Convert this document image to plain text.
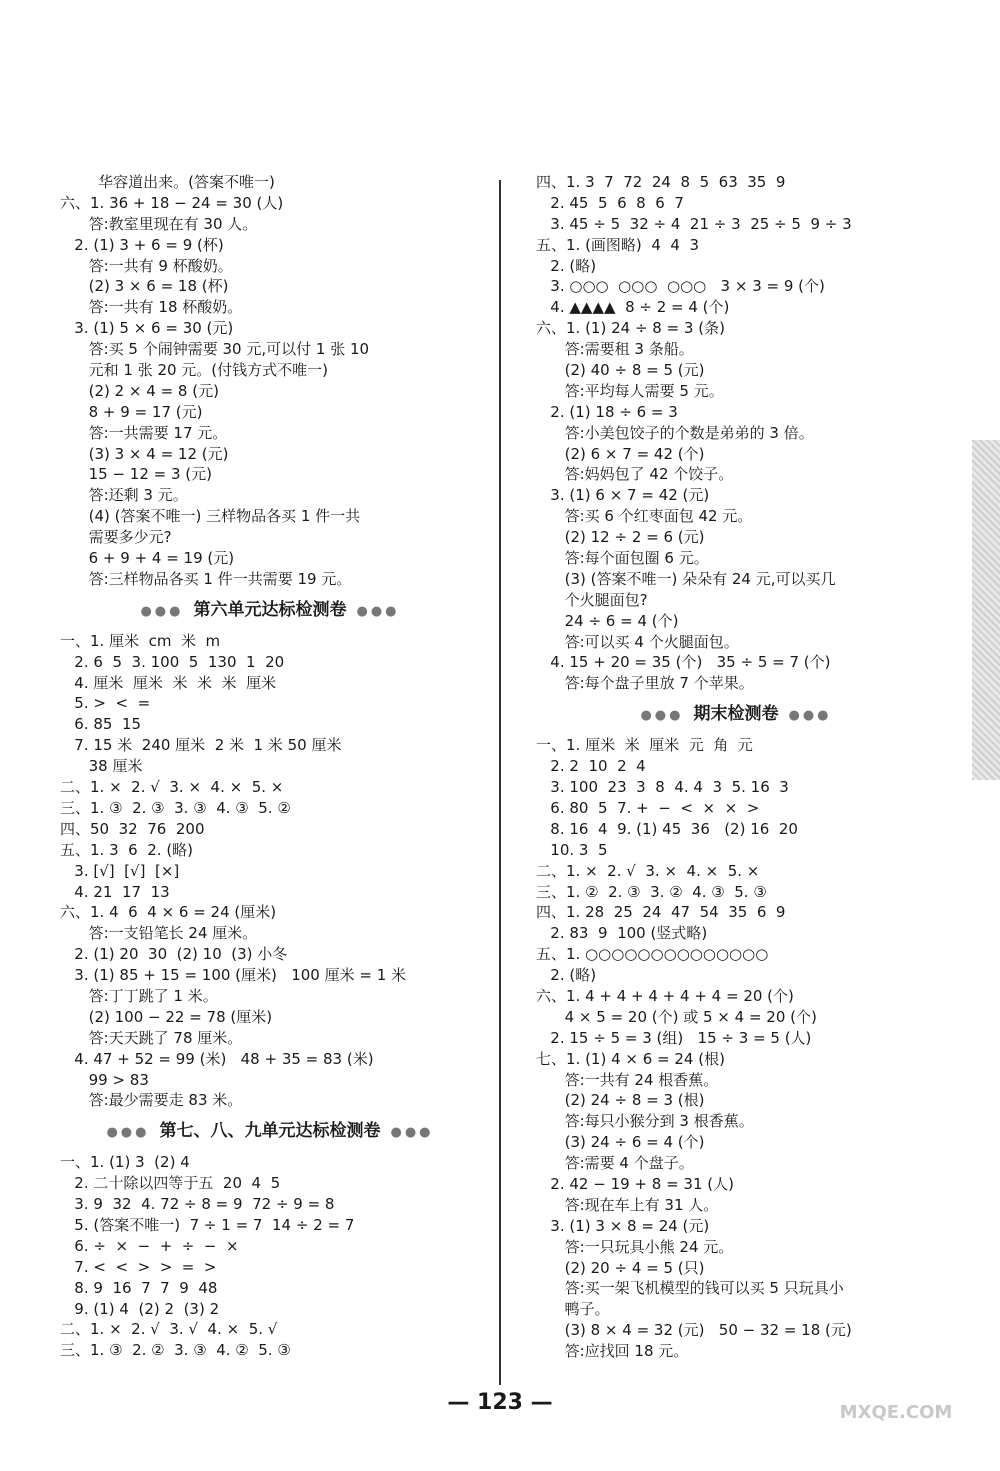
华容道出来。(答案不唯一)
六、1. 36 + 18 − 24 = 30 (人)
答:教室里现在有 30 人。
2. (1) 3 + 6 = 9 (杯)
答:一共有 9 杯酸奶。
(2) 3 × 6 = 18 (杯)
答:一共有 18 杯酸奶。
3. (1) 5 × 6 = 30 (元)
答:买 5 个闹钟需要 30 元,可以付 1 张 10
元和 1 张 20 元。(付钱方式不唯一)
(2) 2 × 4 = 8 (元)
8 + 9 = 17 (元)
答:一共需要 17 元。
(3) 3 × 4 = 12 (元)
15 − 12 = 3 (元)
答:还剩 3 元。
(4) (答案不唯一) 三样物品各买 1 件一共
需要多少元?
6 + 9 + 4 = 19 (元)
答:三样物品各买 1 件一共需要 19 元。
●●● 第六单元达标检测卷 ●●●
一、1. 厘米  cm  米  m
2. 6  5  3. 100  5  130  1  20
4. 厘米  厘米  米  米  米  厘米
5. >  <  =
6. 85  15
7. 15 米  240 厘米  2 米  1 米 50 厘米
38 厘米
二、1. ×  2. √  3. ×  4. ×  5. ×
三、1. ③  2. ③  3. ③  4. ③  5. ②
四、50  32  76  200
五、1. 3  6  2. (略)
3. [√]  [√]  [×]
4. 21  17  13
六、1. 4  6  4 × 6 = 24 (厘米)
答:一支铅笔长 24 厘米。
2. (1) 20  30  (2) 10  (3) 小冬
3. (1) 85 + 15 = 100 (厘米)   100 厘米 = 1 米
答:丁丁跳了 1 米。
(2) 100 − 22 = 78 (厘米)
答:天天跳了 78 厘米。
4. 47 + 52 = 99 (米)   48 + 35 = 83 (米)
99 > 83
答:最少需要走 83 米。
●●● 第七、八、九单元达标检测卷 ●●●
一、1. (1) 3  (2) 4
2. 二十除以四等于五  20  4  5
3. 9  32  4. 72 ÷ 8 = 9  72 ÷ 9 = 8
5. (答案不唯一)  7 ÷ 1 = 7  14 ÷ 2 = 7
6. ÷  ×  −  +  ÷  −  ×
7. <  <  >  >  =  >
8. 9  16  7  7  9  48
9. (1) 4  (2) 2  (3) 2
二、1. ×  2. √  3. √  4. ×  5. √
三、1. ③  2. ②  3. ③  4. ②  5. ③
四、1. 3  7  72  24  8  5  63  35  9
2. 45  5  6  8  6  7
3. 45 ÷ 5  32 ÷ 4  21 ÷ 3  25 ÷ 5  9 ÷ 3
五、1. (画图略)  4  4  3
2. (略)
3. ○○○  ○○○  ○○○   3 × 3 = 9 (个)
4. ▲▲▲▲  8 ÷ 2 = 4 (个)
六、1. (1) 24 ÷ 8 = 3 (条)
答:需要租 3 条船。
(2) 40 ÷ 8 = 5 (元)
答:平均每人需要 5 元。
2. (1) 18 ÷ 6 = 3
答:小美包饺子的个数是弟弟的 3 倍。
(2) 6 × 7 = 42 (个)
答:妈妈包了 42 个饺子。
3. (1) 6 × 7 = 42 (元)
答:买 6 个红枣面包 42 元。
(2) 12 ÷ 2 = 6 (元)
答:每个面包圈 6 元。
(3) (答案不唯一) 朵朵有 24 元,可以买几
个火腿面包?
24 ÷ 6 = 4 (个)
答:可以买 4 个火腿面包。
4. 15 + 20 = 35 (个)   35 ÷ 5 = 7 (个)
答:每个盘子里放 7 个苹果。
●●● 期末检测卷 ●●●
一、1. 厘米  米  厘米  元  角  元
2. 2  10  2  4
3. 100  23  3  8  4. 4  3  5. 16  3
6. 80  5  7. +  −  <  ×  ×  >
8. 16  4  9. (1) 45  36   (2) 16  20
10. 3  5
二、1. ×  2. √  3. ×  4. ×  5. ×
三、1. ②  2. ③  3. ②  4. ③  5. ③
四、1. 28  25  24  47  54  35  6  9
2. 83  9  100 (竖式略)
五、1. ○○○○○○○○○○○○○○
2. (略)
六、1. 4 + 4 + 4 + 4 + 4 = 20 (个)
4 × 5 = 20 (个) 或 5 × 4 = 20 (个)
2. 15 ÷ 5 = 3 (组)   15 ÷ 3 = 5 (人)
七、1. (1) 4 × 6 = 24 (根)
答:一共有 24 根香蕉。
(2) 24 ÷ 8 = 3 (根)
答:每只小猴分到 3 根香蕉。
(3) 24 ÷ 6 = 4 (个)
答:需要 4 个盘子。
2. 42 − 19 + 8 = 31 (人)
答:现在车上有 31 人。
3. (1) 3 × 8 = 24 (元)
答:一只玩具小熊 24 元。
(2) 20 ÷ 4 = 5 (只)
答:买一架飞机模型的钱可以买 5 只玩具小
鸭子。
(3) 8 × 4 = 32 (元)   50 − 32 = 18 (元)
答:应找回 18 元。
— 123 —	MXQE.COM
